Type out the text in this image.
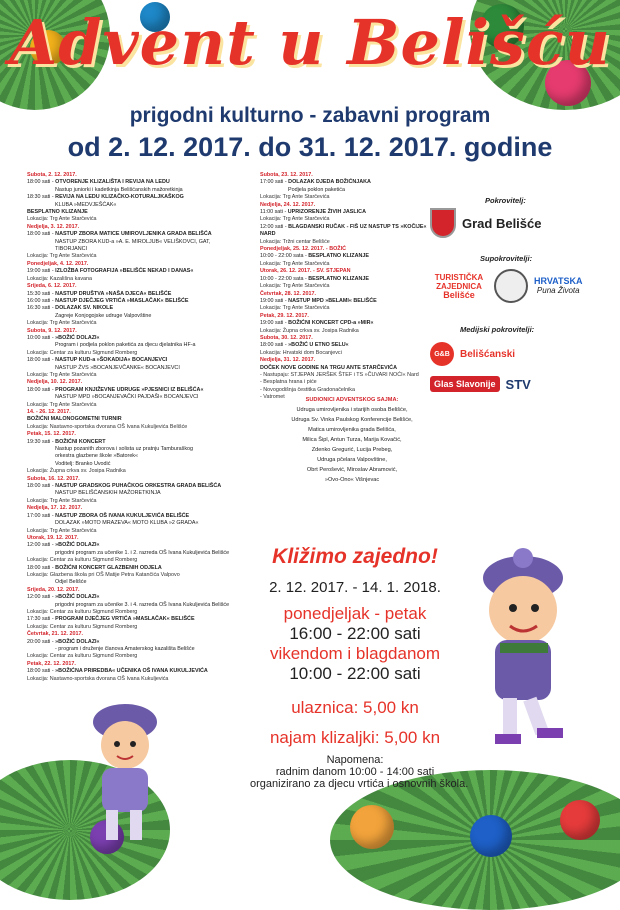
Advent u Belišću
prigodni kulturno - zabavni program
od 2. 12. 2017. do 31. 12. 2017. godine
Subota, 2. 12. 2017.
18:00 sati - OTVORENJE KLIZALIŠTA I REVIJA NA LEDU
Nastup juniorki i kadetkinja Belišćanskih mažoretkinja
18:30 sati - REVIJA NA LEDU KLIZAČKO-KOTURALJKAŠKOG
KLUBA »MEDVJEŠĆAK«
BESPLATNO KLIZANJE
Lokacija: Trg Ante Starčevića
Nedjelja, 3. 12. 2017.
18:00 sati - NASTUP ZBORA MATICE UMIROVLJENIKA GRADA BELIŠĆA
NASTUP ZBORA KUD-a »A. E. MIROLJUB« VELIŠKOVCI, GAT,
TIBORJANCI
Lokacija: Trg Ante Starčevića
Ponedjeljak, 4. 12. 2017.
19:00 sati - IZLOŽBA FOTOGRAFIJA »BELIŠĆE NEKAD I DANAS«
Lokacija: Kazališna kavana
Srijeda, 6. 12. 2017.
15:30 sati - NASTUP DRUŠTVA »NAŠA DJECA« BELIŠĆE
16:00 sati - NASTUP DJEČJEG VRTIĆA »MASLAČAK« BELIŠĆE
16:30 sati - DOLAZAK SV. NIKOLE
Zagreje Konjogojske udruge Valpovštine
Lokacija: Trg Ante Starčevića
Subota, 9. 12. 2017.
10:00 sati - »BOŽIĆ DOLAZI«
Program i podjela poklon paketića za djecu djelatnika HF-a
Lokacija: Centar za kulturu Sigmund Romberg
18:00 sati - NASTUP KUD-a »ŠOKADIJA« BOCANJEVCI
NASTUP ŽVS »BOCANJEVČANKE« BOCANJEVCI
Lokacija: Trg Ante Starčevića
Nedjelja, 10. 12. 2017.
18:00 sati - PROGRAM KNJIŽEVNE UDRUGE »PJESNICI IZ BELIŠĆA«
NASTUP MPD »BOCANJEVAČKI PAJDAŠI« BOCANJEVCI
Lokacija: Trg Ante Starčevića
14. - 26. 12. 2017.
BOŽIĆNI MALONOGOMETNI TURNIR
Lokacija: Nastavno-sportska dvorana OŠ Ivana Kukuljevića Belišće
Petak, 15. 12. 2017.
19:30 sati - BOŽIĆNI KONCERT
Nastup pozanith zborova i solista uz pratnju Tamburaškog
orkestra glazbene škole »Batorek«
Voditelj: Branko Uvodić
Lokacija: Župna crkva sv. Josipa Radnika
Subota, 16. 12. 2017.
18:00 sati - NASTUP GRADSKOG PUHAČKOG ORKESTRA GRADA BELIŠĆA
NASTUP BELIŠĆANSKIH MAŽORETKINJA
Lokacija: Trg Ante Starčevića
Nedjelja, 17. 12. 2017.
17:00 sati - NASTUP ZBORA OŠ IVANA KUKULJEVIĆA BELIŠĆE
DOLAZAK »MOTO MRAZEVA« MOTO KLUBA »2 GRADA«
Lokacija: Trg Ante Starčevića
Utorak, 19. 12. 2017.
12:00 sati - »BOŽIĆ DOLAZI«
prigodni program za učenike 1. i 2. razreda OŠ Ivana Kukuljevića Belišće
Lokacija: Centar za kulturu Sigmund Romberg
18:00 sati - BOŽIĆNI KONCERT GLAZBENIH ODJELA
Lokacija: Glazbena škola pri OŠ Matije Petra Katančića Valpovo
Odjel Belišće
Srijeda, 20. 12. 2017.
12:00 sati - »BOŽIĆ DOLAZI«
prigodni program za učenike 3. i 4. razreda OŠ Ivana Kukuljevića Belišće
Lokacija: Centar za kulturu Sigmund Romberg
17:30 sati - PROGRAM DJEČJEG VRTIĆA »MASLAČAK« BELIŠĆE
Lokacija: Centar za kulturu Sigmund Romberg
Četvrtak, 21. 12. 2017.
20:00 sati - »BOŽIĆ DOLAZI«
- program i druženje članova Amaterskog kazališta Belišće
Lokacija: Centar za kulturu Sigmund Romberg
Petak, 22. 12. 2017.
18:00 sati - »BOŽIĆNA PRIREDBA« UČENIKA OŠ IVANA KUKULJEVIĆA
Lokacija: Nastavno-sportska dvorana OŠ Ivana Kukuljevića
Subota, 23. 12. 2017.
17:00 sati - DOLAZAK DJEDA BOŽIĆNJAKA
Podjela poklon paketića
Lokacija: Trg Ante Starčevića
Nedjelja, 24. 12. 2017.
11:00 sati - UPRIZORENJE ŽIVIH JASLICA
Lokacija: Trg Ante Starčevića
12:00 sati - BLAGDANSKI RUČAK - FIŠ UZ NASTUP TS »KOČIJE« NARD
Lokacija: Tržni centar Belišće
Ponedjeljak, 25. 12. 2017. - BOŽIĆ
10:00 - 22:00 sata - BESPLATNO KLIZANJE
Lokacija: Trg Ante Starčevića
Utorak, 26. 12. 2017. - SV. STJEPAN
10:00 - 22:00 sata - BESPLATNO KLIZANJE
Lokacija: Trg Ante Starčevića
Četvrtak, 28. 12. 2017.
19:00 sati - NASTUP MPD »BELAMI« BELIŠĆE
Lokacija: Trg Ante Starčevića
Petak, 29. 12. 2017.
19:00 sati - BOŽIĆNI KONCERT CPD-a »MIR«
Lokacija: Župna crkva sv. Josipa Radnika
Subota, 30. 12. 2017.
18:00 sati - »BOŽIĆ U ETNO SELU«
Lokacija: Hrvatski dom Bocanjevci
Nedjelja, 31. 12. 2017.
DOČEK NOVE GODINE NA TRGU ANTE STARČEVIĆA
- Nastupaju: STJEPAN JERŠEK ŠTEF i TS »ČUVARI NOĆI« Nard
- Besplatna hrana i piće
- Novogodišnja čestitka Gradonačelnika
- Vatromet
Pokrovitelj:
Grad Belišće
Supokrovitelji:
TURISTIČKA ZAJEDNICA
Belišće
HRVATSKA
Puna Života
Medijski pokrovitelji:
G&B	Belišćanski
Glas Slavonije STV
SUDIONICI ADVENTSKOG SAJMA:
Udruga umirovljenika i starijih osoba Belišće,
Udruga Sv. Vinka Paulskog Konferencije Belišće,
Matica umirovljenika grada Belišća,
Milica Šipl, Antun Turza, Marija Kovačić,
Zdenko Gregurić, Lucija Prebeg,
Udruga pčelara Valpovštine,
Obrt Perošević, Miroslav Abramović,
»Ovo-Ono« Višnjevac
Kližimo zajedno!
2. 12. 2017. - 14. 1. 2018.
ponedjeljak - petak
16:00 - 22:00 sati
vikendom i blagdanom
10:00 - 22:00 sati
ulaznica: 5,00 kn
najam klizaljki: 5,00 kn
Napomena:
radnim danom 10:00 - 14:00 sati
organizirano za djecu vrtića i osnovnih škola.
